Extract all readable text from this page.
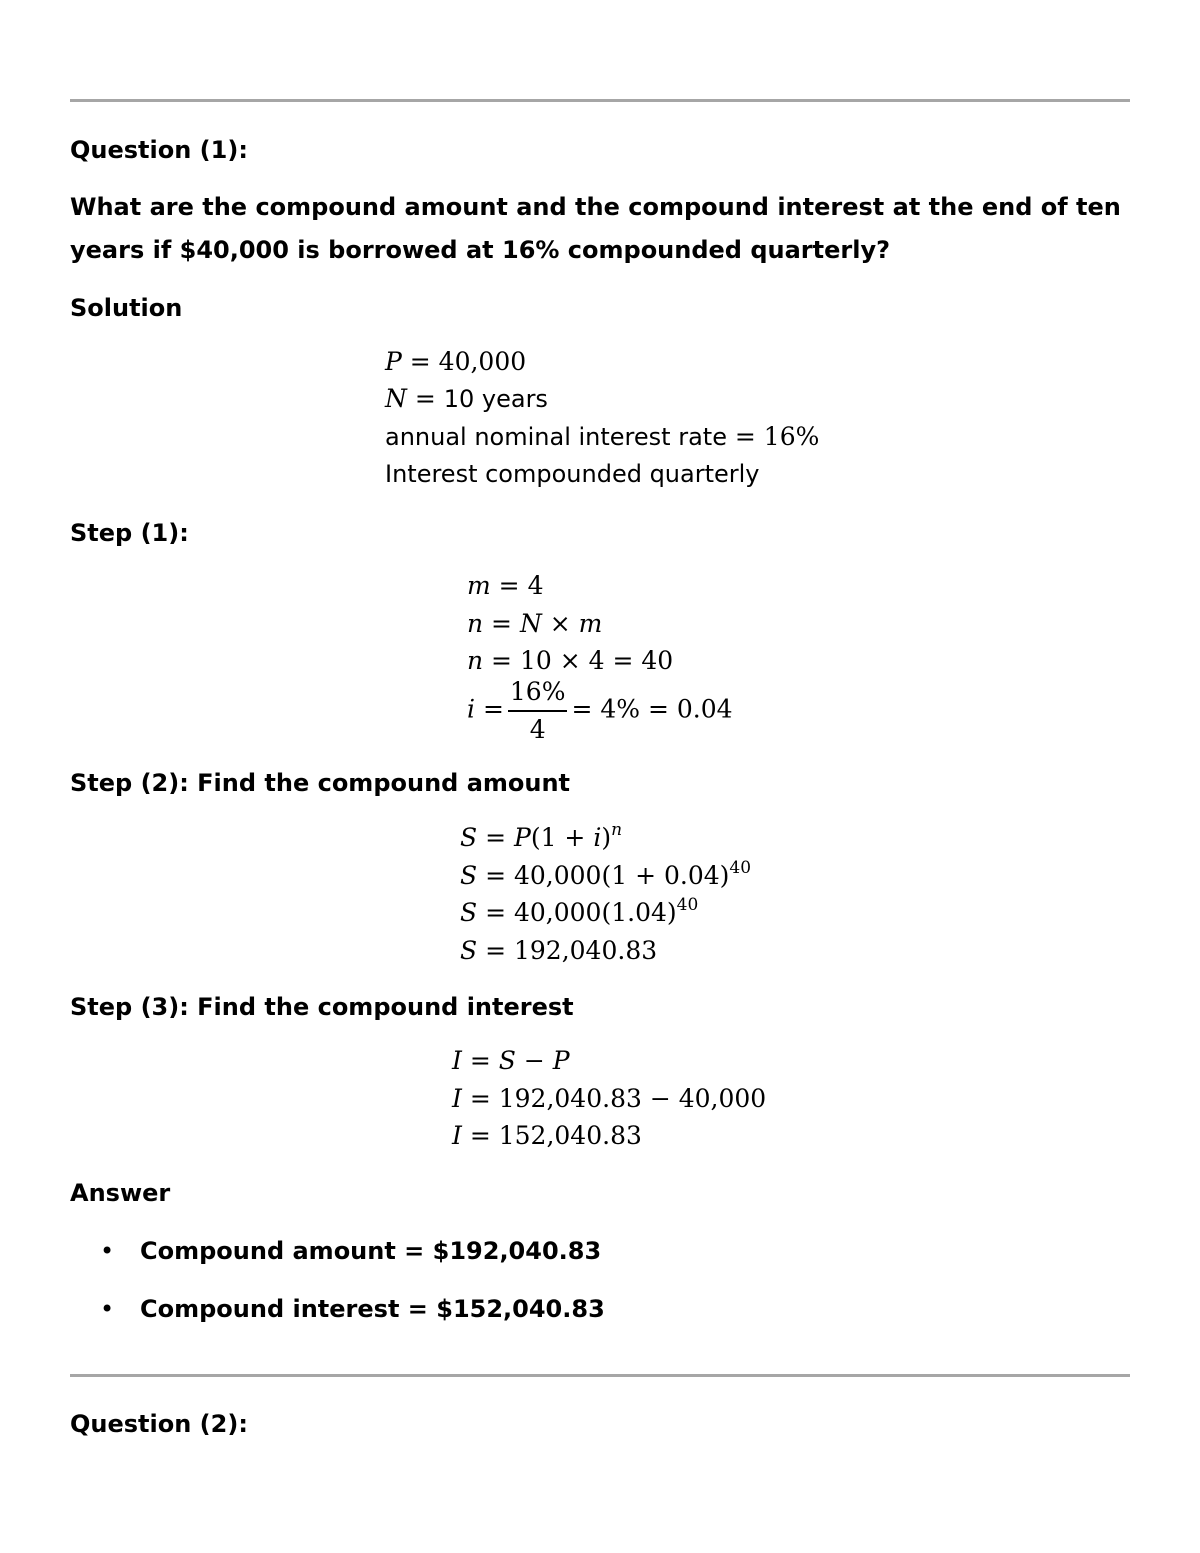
Question (1):
What are the compound amount and the compound interest at the end of ten years if $40,000 is borrowed at 16% compounded quarterly?
Solution
P = 40,000
N = 10 years
annual nominal interest rate = 16%
Interest compounded quarterly
Step (1):
m = 4
n = N × m
n = 10 × 4 = 40
$i = \frac{16\%}{4} = 4\% = 0.04$
Step (2): Find the compound amount
$S = P(1 + i)^n$
$S = 40,000(1 + 0.04)^{40}$
$S = 40,000(1.04)^{40}$
S = 192,040.83
Step (3): Find the compound interest
I = S − P
I = 192,040.83 − 40,000
I = 152,040.83
Answer
• Compound amount = $192,040.83
• Compound interest = $152,040.83
Question (2):
